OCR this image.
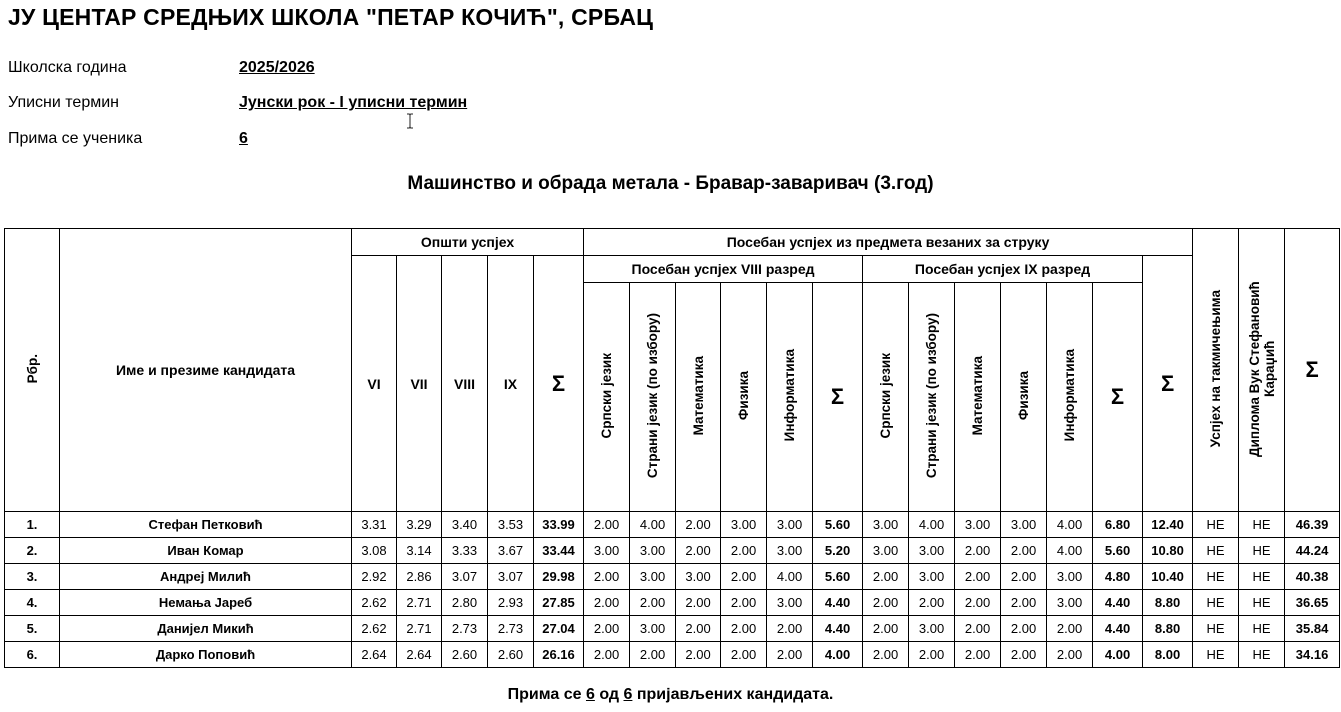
ЈУ ЦЕНТАР СРЕДЊИХ ШКОЛА "ПЕТАР КОЧИЋ", СРБАЦ
Школска година	2025/2026
Уписни термин	Јунски рок - I уписни термин
Прима се ученика	6
Машинство и обрада метала - Бравар-заваривач (3.год)
Рбр.	Име и презиме кандидата	Општи успјех					Посебан успјех из предмета везаних за струку													Успјех на такмичењима	Диплома Вук Стефановић Караџић	Σ
		VI	VII	VIII	IX	Σ	Посебан успјех VIII разред						Посебан успјех IX разред						Σ			
							Српски језик	Страни језик (по избору)	Математика	Физика	Информатика	Σ	Српски језик	Страни језик (по избору)	Математика	Физика	Информатика	Σ				
1.	Стефан Петковић	3.31	3.29	3.40	3.53	33.99	2.00	4.00	2.00	3.00	3.00	5.60	3.00	4.00	3.00	3.00	4.00	6.80	12.40	НЕ	НЕ	46.39
2.	Иван Комар	3.08	3.14	3.33	3.67	33.44	3.00	3.00	2.00	2.00	3.00	5.20	3.00	3.00	2.00	2.00	4.00	5.60	10.80	НЕ	НЕ	44.24
3.	Андреј Милић	2.92	2.86	3.07	3.07	29.98	2.00	3.00	3.00	2.00	4.00	5.60	2.00	3.00	2.00	2.00	3.00	4.80	10.40	НЕ	НЕ	40.38
4.	Немања Јареб	2.62	2.71	2.80	2.93	27.85	2.00	2.00	2.00	2.00	3.00	4.40	2.00	2.00	2.00	2.00	3.00	4.40	8.80	НЕ	НЕ	36.65
5.	Данијел Микић	2.62	2.71	2.73	2.73	27.04	2.00	3.00	2.00	2.00	2.00	4.40	2.00	3.00	2.00	2.00	2.00	4.40	8.80	НЕ	НЕ	35.84
6.	Дарко Поповић	2.64	2.64	2.60	2.60	26.16	2.00	2.00	2.00	2.00	2.00	4.00	2.00	2.00	2.00	2.00	2.00	4.00	8.00	НЕ	НЕ	34.16
Прима се 6 од 6 пријављених кандидата.
